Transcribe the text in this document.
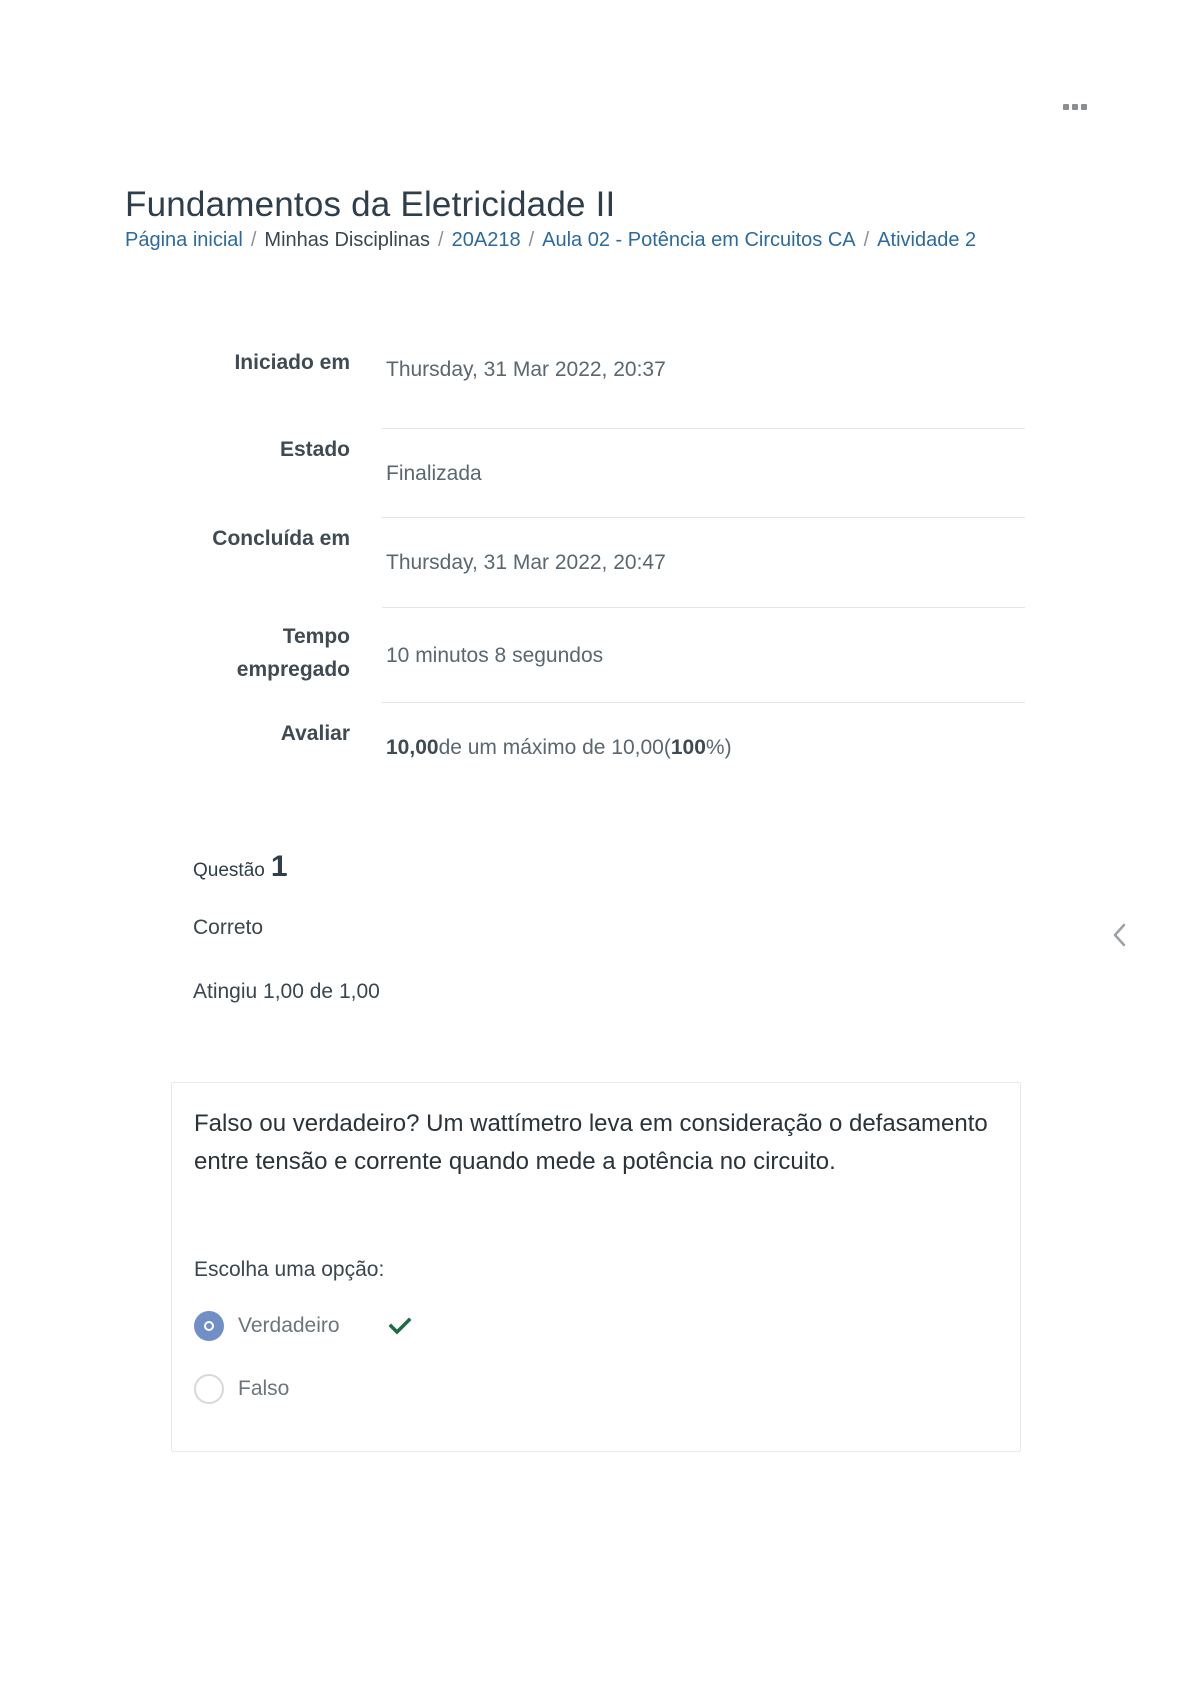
Fundamentos da Eletricidade II
Página inicial / Minhas Disciplinas / 20A218 / Aula 02 - Potência em Circuitos CA / Atividade 2
Iniciado em	Thursday, 31 Mar 2022, 20:37
Estado
Finalizada
Concluída em
Thursday, 31 Mar 2022, 20:47
Tempo
empregado
10 minutos 8 segundos
Avaliar
10,00 de um máximo de 10,00( 100 %)
Questão 1
Correto
Atingiu 1,00 de 1,00
Falso ou verdadeiro? Um wattímetro leva em consideração o defasamento entre tensão e corrente quando mede a potência no circuito.
Escolha uma opção:
Verdadeiro
Falso
